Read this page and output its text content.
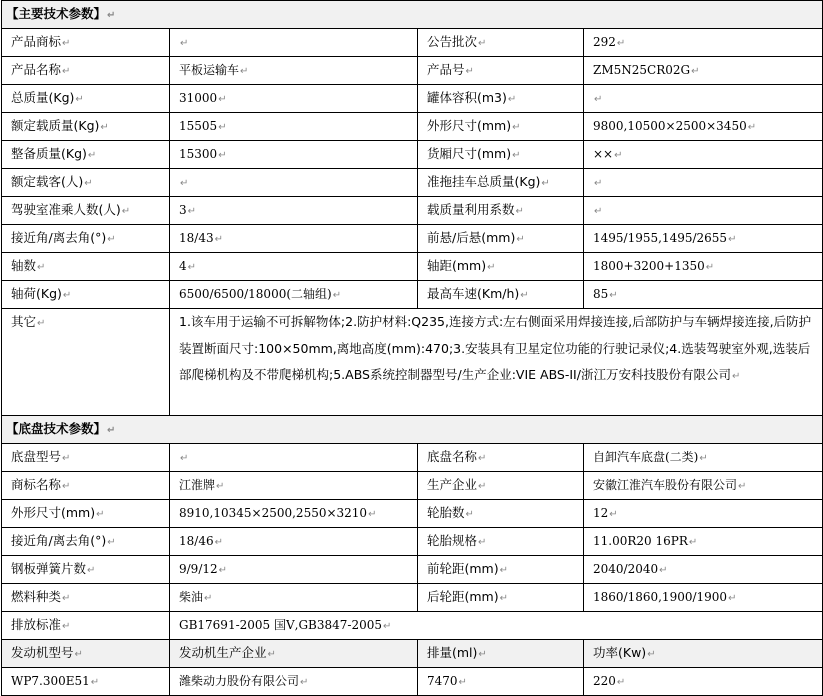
【主要技术参数】↵			
产品商标↵	↵	公告批次↵	292↵
产品名称↵	平板运输车↵	产品号↵	ZM5N25CR02G↵
总质量(Kg)↵	31000↵	罐体容积(m3)↵	↵
额定载质量(Kg)↵	15505↵	外形尺寸(mm)↵	9800,10500×2500×3450↵
整备质量(Kg)↵	15300↵	货厢尺寸(mm)↵	××↵
额定载客(人)↵	↵	准拖挂车总质量(Kg)↵	↵
驾驶室准乘人数(人)↵	3↵	载质量利用系数↵	↵
接近角/离去角(°)↵	18/43↵	前悬/后悬(mm)↵	1495/1955,1495/2655↵
轴数↵	4↵	轴距(mm)↵	1800+3200+1350↵
轴荷(Kg)↵	6500/6500/18000(二轴组)↵	最高车速(Km/h)↵	85↵
其它↵	1.该车用于运输不可拆解物体;2.防护材料:Q235,连接方式:左右侧面采用焊接连接,后部防护与车辆焊接连接,后防护装置断面尺寸:100×50mm,离地高度(mm):470;3.安装具有卫星定位功能的行驶记录仪;4.选装驾驶室外观,选装后部爬梯机构及不带爬梯机构;5.ABS系统控制器型号/生产企业:VIE ABS-II/浙江万安科技股份有限公司↵		
【底盘技术参数】↵			
底盘型号↵	↵	底盘名称↵	自卸汽车底盘(二类)↵
商标名称↵	江淮牌↵	生产企业↵	安徽江淮汽车股份有限公司↵
外形尺寸(mm)↵	8910,10345×2500,2550×3210↵	轮胎数↵	12↵
接近角/离去角(°)↵	18/46↵	轮胎规格↵	11.00R20 16PR↵
钢板弹簧片数↵	9/9/12↵	前轮距(mm)↵	2040/2040↵
燃料种类↵	柴油↵	后轮距(mm)↵	1860/1860,1900/1900↵
排放标准↵	GB17691-2005 国Ⅴ,GB3847-2005↵		
发动机型号↵	发动机生产企业↵	排量(ml)↵	功率(Kw)↵
WP7.300E51↵	潍柴动力股份有限公司↵	7470↵	220↵
